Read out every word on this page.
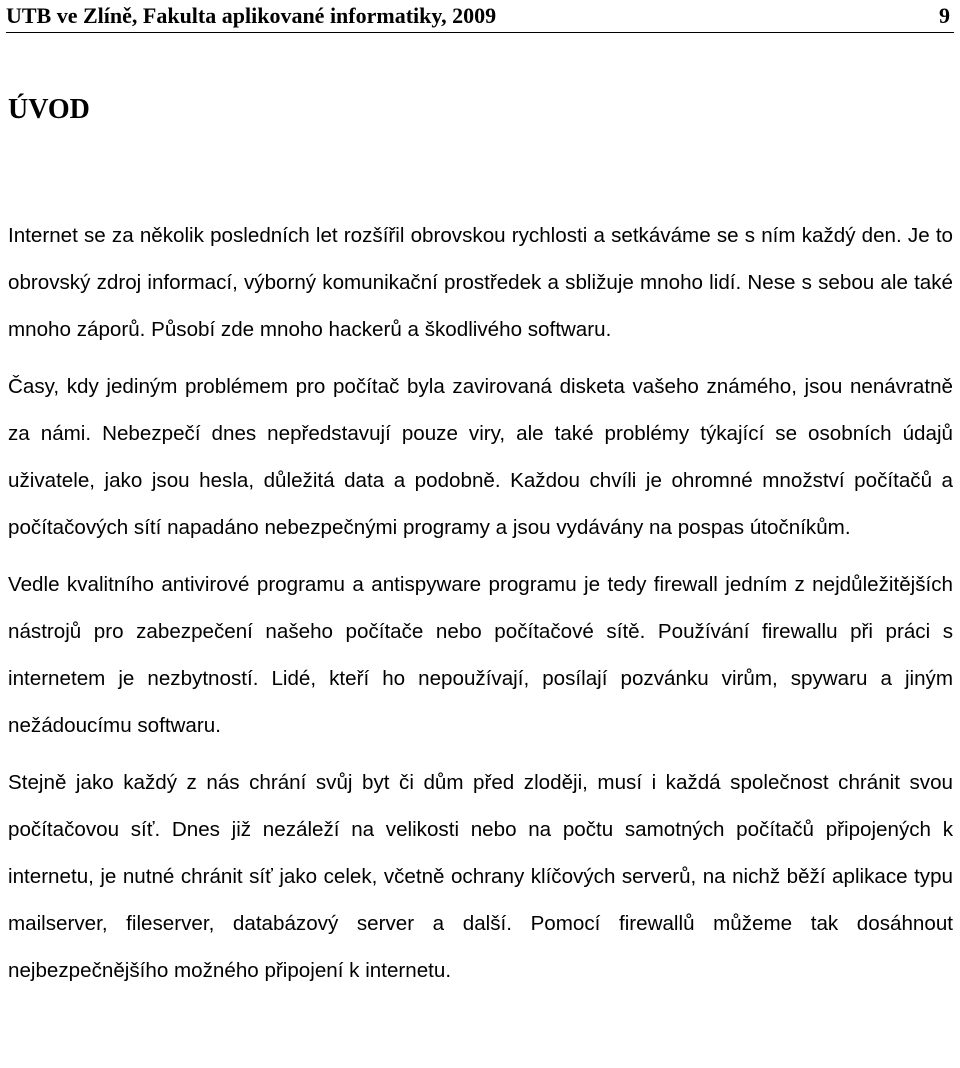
UTB ve Zlíně, Fakulta aplikované informatiky, 2009	9
ÚVOD

Internet se za několik posledních let rozšířil obrovskou rychlosti a setkáváme se s ním každý den. Je to obrovský zdroj informací, výborný komunikační prostředek a sbližuje mnoho lidí. Nese s sebou ale také mnoho záporů. Působí zde mnoho hackerů a škodlivého softwaru.

Časy, kdy jediným problémem pro počítač byla zavirovaná disketa vašeho známého, jsou nenávratně za námi. Nebezpečí dnes nepředstavují pouze viry, ale také problémy týkající se osobních údajů uživatele, jako jsou hesla, důležitá data a podobně. Každou chvíli je ohromné množství počítačů a počítačových sítí napadáno nebezpečnými programy a jsou vydávány na pospas útočníkům.

Vedle kvalitního antivirové programu a antispyware programu je tedy firewall jedním z nejdůležitějších nástrojů pro zabezpečení našeho počítače nebo počítačové sítě. Používání firewallu při práci s internetem je nezbytností. Lidé, kteří ho nepoužívají, posílají pozvánku virům, spywaru a jiným nežádoucímu softwaru.

Stejně jako každý z nás chrání svůj byt či dům před zloději, musí i každá společnost chránit svou počítačovou síť. Dnes již nezáleží na velikosti nebo na počtu samotných počítačů připojených k internetu, je nutné chránit síť jako celek, včetně ochrany klíčových serverů, na nichž běží aplikace typu mailserver, fileserver, databázový server a další. Pomocí firewallů můžeme tak dosáhnout nejbezpečnějšího možného připojení k internetu.
